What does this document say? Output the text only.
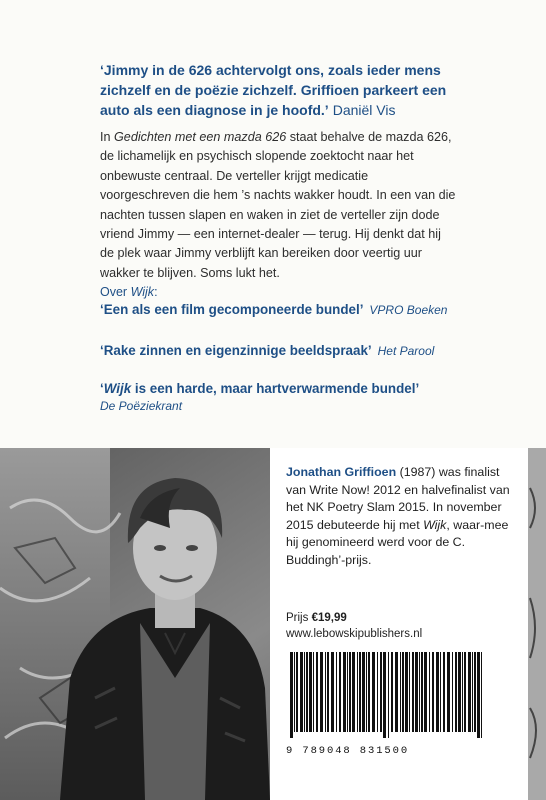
‘Jimmy in de 626 achtervolgt ons, zoals ieder mens zichzelf en de poëzie zichzelf. Griffioen parkeert een auto als een diagnose in je hoofd.’ Daniël Vis
In Gedichten met een mazda 626 staat behalve de mazda 626, de lichamelijk en psychisch slopende zoektocht naar het onbewuste centraal. De verteller krijgt medicatie voorgeschreven die hem ’s nachts wakker houdt. In een van die nachten tussen slapen en waken in ziet de verteller zijn dode vriend Jimmy — een internet-dealer — terug. Hij denkt dat hij de plek waar Jimmy verblijft kan bereiken door veertig uur wakker te blijven. Soms lukt het.
Over Wijk:
‘Een als een film gecomponeerde bundel’ VPRO Boeken
‘Rake zinnen en eigenzinnige beeldspraak’ Het Parool
‘Wijk is een harde, maar hartverwarmende bundel’
De Poëziekrant
Jonathan Griffioen (1987) was finalist van Write Now! 2012 en halvefinalist van het NK Poetry Slam 2015. In november 2015 debuteerde hij met Wijk, waar-mee hij genomineerd werd voor de C. Buddingh’-prijs.
Prijs €19,99
www.lebowskipublishers.nl
9 789048 831500
